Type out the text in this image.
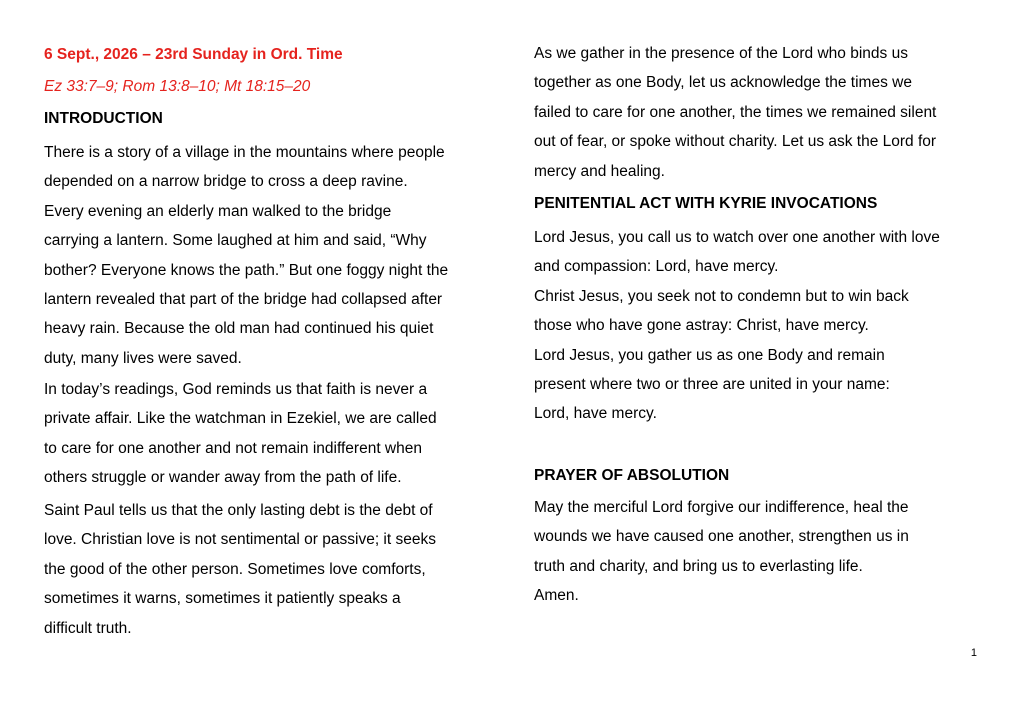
6 Sept., 2026 – 23rd Sunday in Ord. Time

Ez 33:7–9; Rom 13:8–10; Mt 18:15–20

INTRODUCTION

There is a story of a village in the mountains where people
depended on a narrow bridge to cross a deep ravine.
Every evening an elderly man walked to the bridge
carrying a lantern. Some laughed at him and said, “Why
bother? Everyone knows the path.” But one foggy night the
lantern revealed that part of the bridge had collapsed after
heavy rain. Because the old man had continued his quiet
duty, many lives were saved.
In today’s readings, God reminds us that faith is never a
private affair. Like the watchman in Ezekiel, we are called
to care for one another and not remain indifferent when
others struggle or wander away from the path of life.
Saint Paul tells us that the only lasting debt is the debt of
love. Christian love is not sentimental or passive; it seeks
the good of the other person. Sometimes love comforts,
sometimes it warns, sometimes it patiently speaks a
difficult truth.
As we gather in the presence of the Lord who binds us
together as one Body, let us acknowledge the times we
failed to care for one another, the times we remained silent
out of fear, or spoke without charity. Let us ask the Lord for
mercy and healing.

PENITENTIAL ACT WITH KYRIE INVOCATIONS

Lord Jesus, you call us to watch over one another with love
and compassion: Lord, have mercy.
Christ Jesus, you seek not to condemn but to win back
those who have gone astray: Christ, have mercy.
Lord Jesus, you gather us as one Body and remain
present where two or three are united in your name:
Lord, have mercy.

PRAYER OF ABSOLUTION

May the merciful Lord forgive our indifference, heal the
wounds we have caused one another, strengthen us in
truth and charity, and bring us to everlasting life.
Amen.
1
